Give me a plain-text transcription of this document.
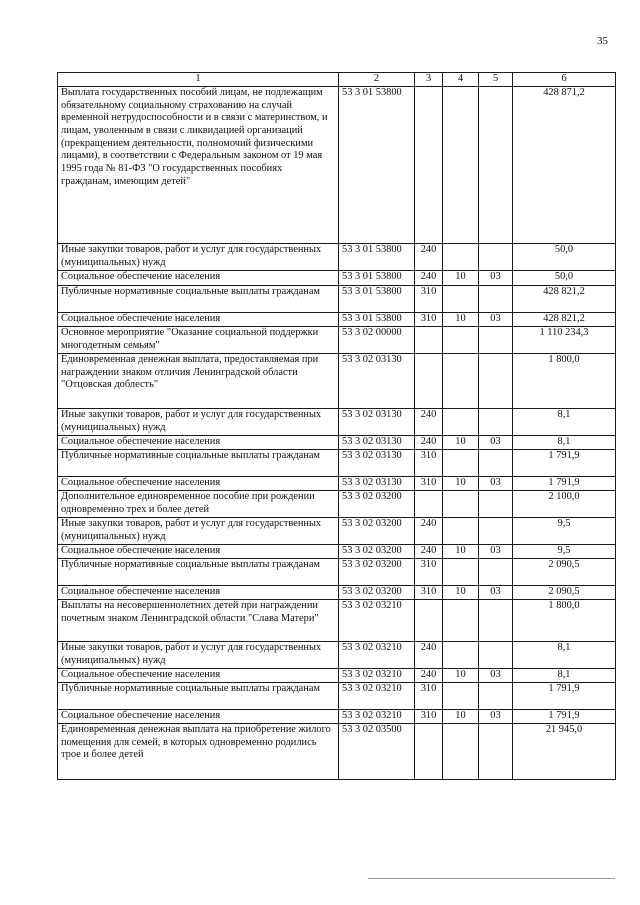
35
1	2	3	4	5	6
Выплата государственных пособий лицам, не подлежащим обязательному социальному страхованию на случай временной нетрудоспособности и в связи с материнством, и лицам, уволенным в связи с ликвидацией организаций (прекращением деятельности, полномочий физическими лицами), в соответствии с Федеральным законом от 19 мая 1995 года № 81-ФЗ "О государственных пособиях гражданам, имеющим детей"	53 3 01 53800				428 871,2
Иные закупки товаров, работ и услуг для государственных (муниципальных) нужд	53 3 01 53800	240			50,0
Социальное обеспечение населения	53 3 01 53800	240	10	03	50,0
Публичные нормативные социальные выплаты гражданам	53 3 01 53800	310			428 821,2
Социальное обеспечение населения	53 3 01 53800	310	10	03	428 821,2
Основное мероприятие "Оказание социальной поддержки многодетным семьям"	53 3 02 00000				1 110 234,3
Единовременная денежная выплата, предоставляемая при награждении знаком отличия Ленинградской области "Отцовская доблесть"	53 3 02 03130				1 800,0
Иные закупки товаров, работ и услуг для государственных (муниципальных) нужд	53 3 02 03130	240			8,1
Социальное обеспечение населения	53 3 02 03130	240	10	03	8,1
Публичные нормативные социальные выплаты гражданам	53 3 02 03130	310			1 791,9
Социальное обеспечение населения	53 3 02 03130	310	10	03	1 791,9
Дополнительное единовременное пособие при рождении одновременно трех и более детей	53 3 02 03200				2 100,0
Иные закупки товаров, работ и услуг для государственных (муниципальных) нужд	53 3 02 03200	240			9,5
Социальное обеспечение населения	53 3 02 03200	240	10	03	9,5
Публичные нормативные социальные выплаты гражданам	53 3 02 03200	310			2 090,5
Социальное обеспечение населения	53 3 02 03200	310	10	03	2 090,5
Выплаты на несовершеннолетних детей при награждении почетным знаком Ленинградской области "Слава Матери"	53 3 02 03210				1 800,0
Иные закупки товаров, работ и услуг для государственных (муниципальных) нужд	53 3 02 03210	240			8,1
Социальное обеспечение населения	53 3 02 03210	240	10	03	8,1
Публичные нормативные социальные выплаты гражданам	53 3 02 03210	310			1 791,9
Социальное обеспечение населения	53 3 02 03210	310	10	03	1 791,9
Единовременная денежная выплата на приобретение жилого помещения для семей, в которых одновременно родились трое и более детей	53 3 02 03500				21 945,0
